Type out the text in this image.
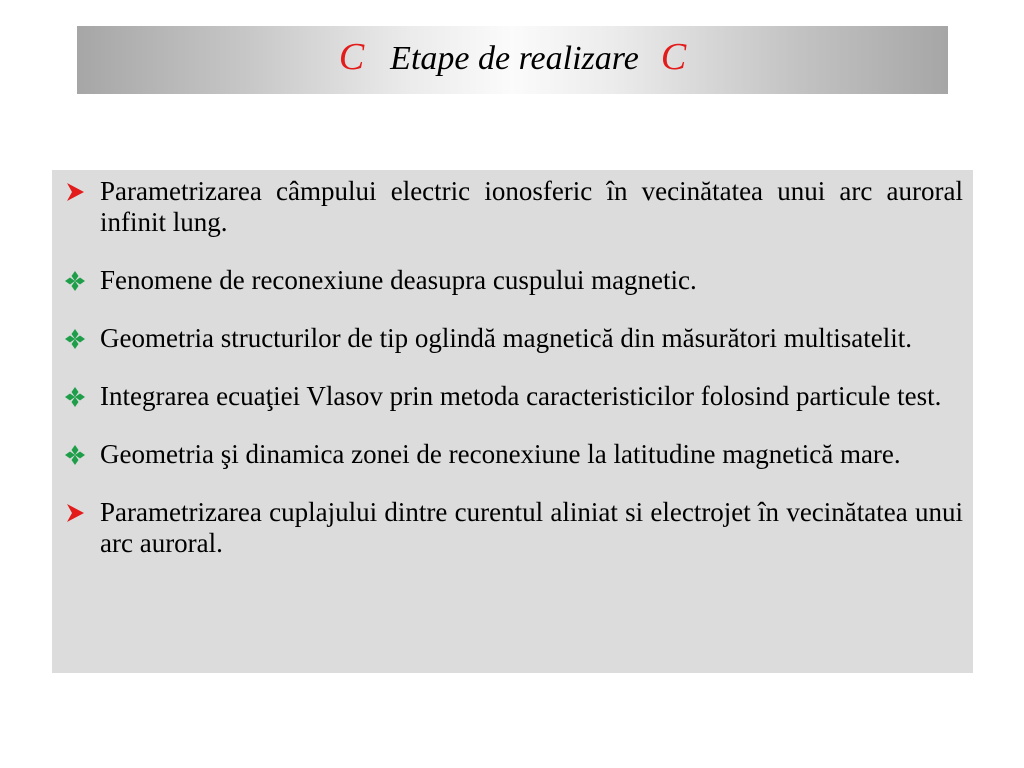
C Etape de realizare C
Parametrizarea câmpului electric ionosferic în vecinătatea unui arc auroral infinit lung.
Fenomene de reconexiune deasupra cuspului magnetic.
Geometria structurilor de tip oglindă magnetică din măsurători multisatelit.
Integrarea ecuaţiei Vlasov prin metoda caracteristicilor folosind particule test.
Geometria şi dinamica zonei de reconexiune la latitudine magnetică mare.
Parametrizarea cuplajului dintre curentul aliniat si electrojet în vecinătatea unui arc auroral.
